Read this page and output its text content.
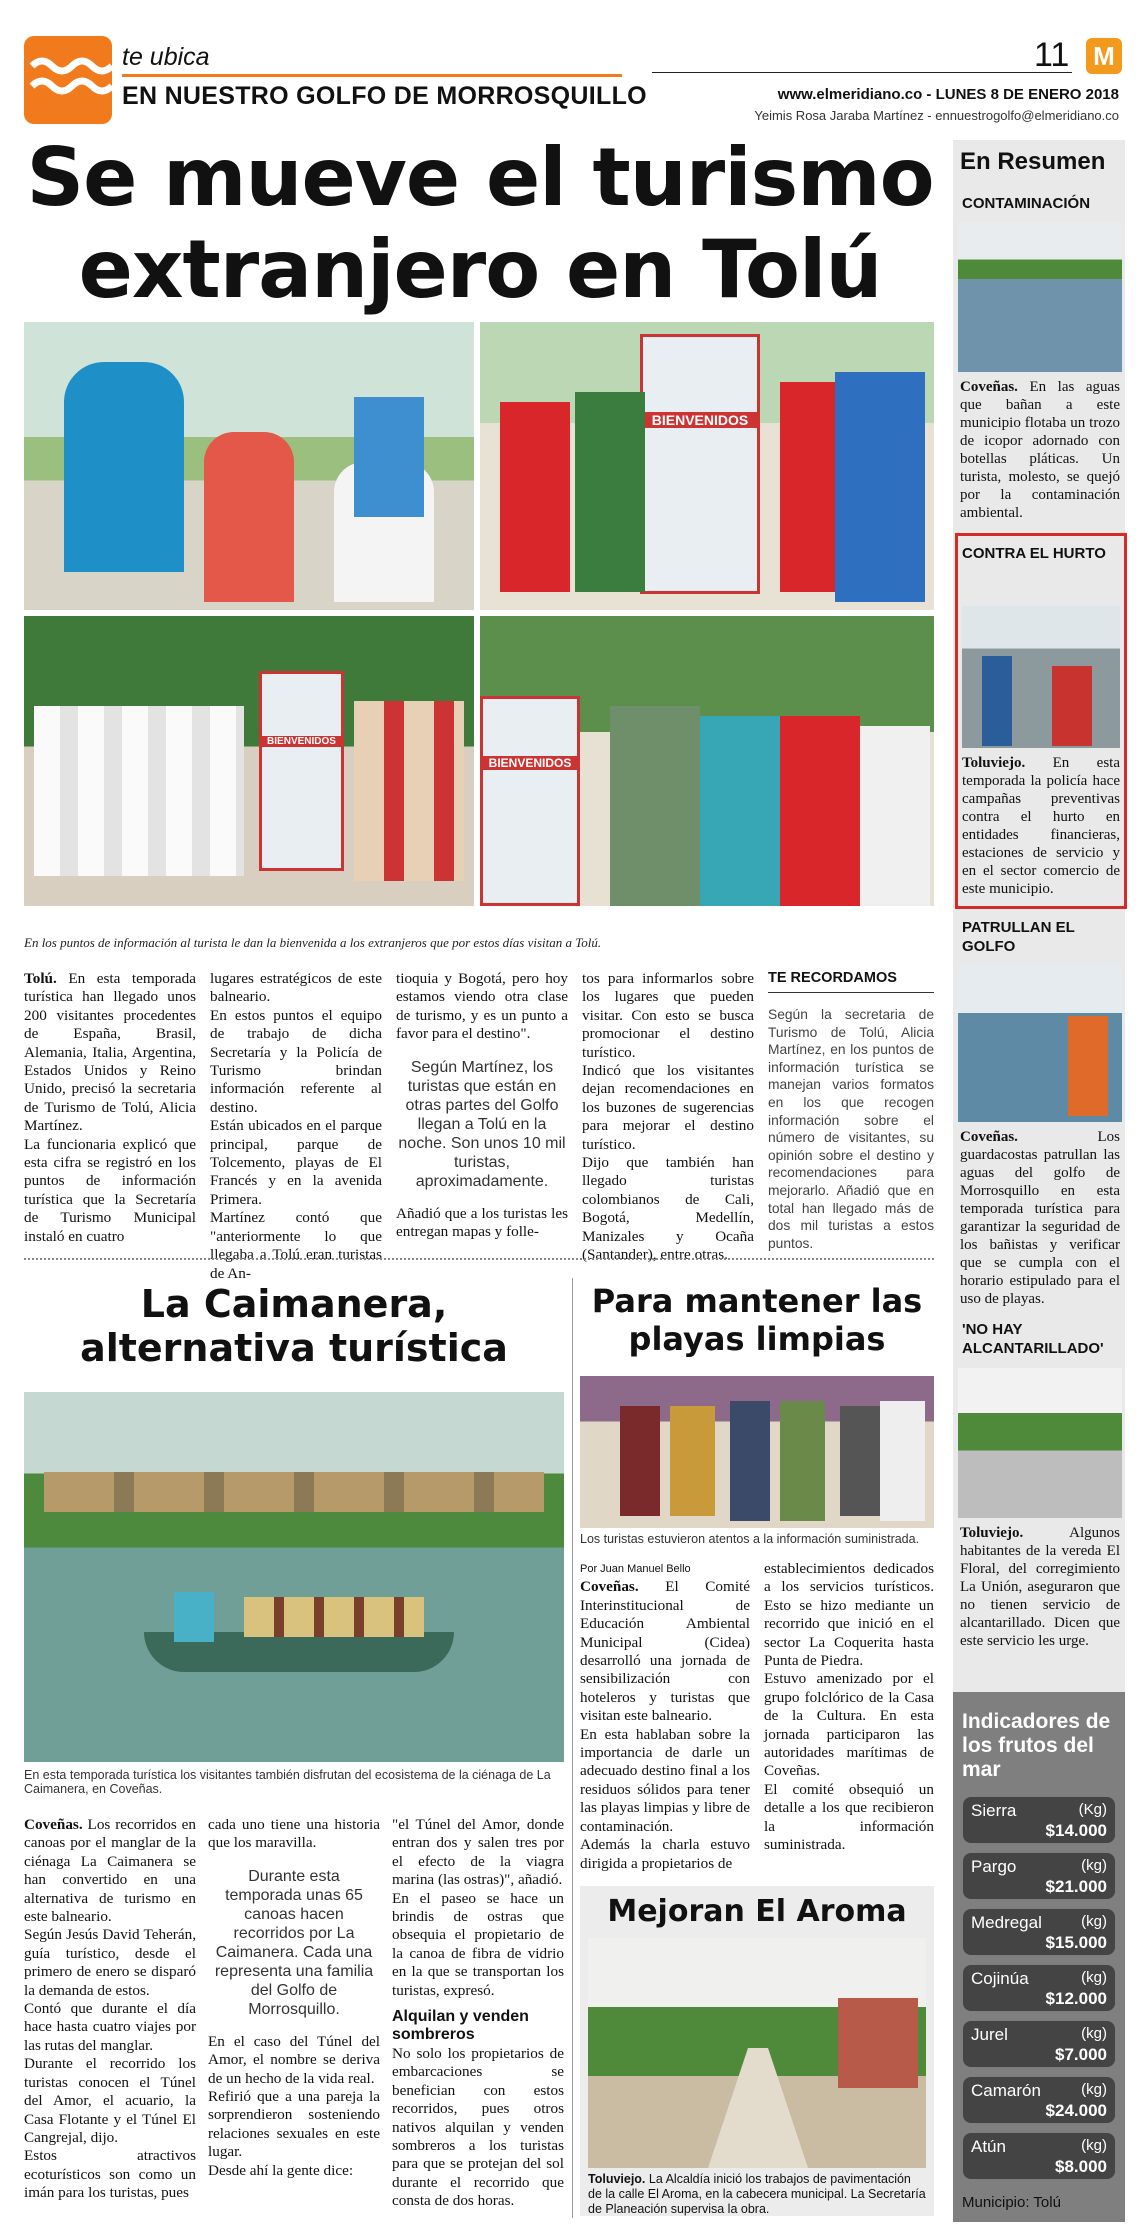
te ubica
EN NUESTRO GOLFO DE MORROSQUILLO
11 M
www.elmeridiano.co - LUNES 8 DE ENERO 2018
Yeimis Rosa Jaraba Martínez - ennuestrogolfo@elmeridiano.co
Se mueve el turismo
extranjero en Tolú
BIENVENIDOS
BIENVENIDOS
BIENVENIDOS
En los puntos de información al turista le dan la bienvenida a los extranjeros que por estos días visitan a Tolú.

Tolú. En esta temporada turística han llegado unos 200 visitantes procedentes de España, Brasil, Alemania, Italia, Argentina, Estados Unidos y Reino Unido, precisó la secretaria de Turismo de Tolú, Alicia Martínez.

La funcionaria explicó que esta cifra se registró en los puntos de información turística que la Secretaría de Turismo Municipal instaló en cuatro

lugares estratégicos de este balneario.

En estos puntos el equipo de trabajo de dicha Secretaría y la Policía de Turismo brindan información referente al destino.

Están ubicados en el parque principal, parque de Tolcemento, playas de El Francés y en la avenida Primera.

Martínez contó que "anteriormente lo que llegaba a Tolú eran turistas de An-

tioquia y Bogotá, pero hoy estamos viendo otra clase de turismo, y es un punto a favor para el destino".

Según Martínez, los turistas que están en otras partes del Golfo llegan a Tolú en la noche. Son unos 10 mil turistas, aproximadamente.

Añadió que a los turistas les entregan mapas y folle-

tos para informarlos sobre los lugares que pueden visitar. Con esto se busca promocionar el destino turístico.

Indicó que los visitantes dejan recomendaciones en los buzones de sugerencias para mejorar el destino turístico.

Dijo que también han llegado turistas colombianos de Cali, Bogotá, Medellín, Manizales y Ocaña (Santander), entre otras.

TE RECORDAMOS
Según la secretaria de Turismo de Tolú, Alicia Martínez, en los puntos de información turística se manejan varios formatos en los que recogen información sobre el número de visitantes, su opinión sobre el destino y recomendaciones para mejorarlo. Añadió que en total han llegado más de dos mil turistas a estos puntos.
La Caimanera, alternativa turística
En esta temporada turística los visitantes también disfrutan del ecosistema de la ciénaga de La Caimanera, en Coveñas.

Coveñas. Los recorridos en canoas por el manglar de la ciénaga La Caimanera se han convertido en una alternativa de turismo en este balneario.

Según Jesús David Teherán, guía turístico, desde el primero de enero se disparó la demanda de estos.

Contó que durante el día hace hasta cuatro viajes por las rutas del manglar.

Durante el recorrido los turistas conocen el Túnel del Amor, el acuario, la Casa Flotante y el Túnel El Cangrejal, dijo.

Estos atractivos ecoturísticos son como un imán para los turistas, pues

cada uno tiene una historia que los maravilla.

Durante esta temporada unas 65 canoas hacen recorridos por La Caimanera. Cada una representa una familia del Golfo de Morrosquillo.

En el caso del Túnel del Amor, el nombre se deriva de un hecho de la vida real.

Refirió que a una pareja la sorprendieron sosteniendo relaciones sexuales en este lugar.

Desde ahí la gente dice:

"el Túnel del Amor, donde entran dos y salen tres por el efecto de la viagra marina (las ostras)", añadió.

En el paseo se hace un brindis de ostras que obsequia el propietario de la canoa de fibra de vidrio en la que se transportan los turistas, expresó.

Alquilan y venden sombreros

No solo los propietarios de embarcaciones se benefician con estos recorridos, pues otros nativos alquilan y venden sombreros a los turistas para que se protejan del sol durante el recorrido que consta de dos horas.

Para mantener las playas limpias
Los turistas estuvieron atentos a la información suministrada.

Por Juan Manuel Bello

Coveñas. El Comité Interinstitucional de Educación Ambiental Municipal (Cidea) desarrolló una jornada de sensibilización con hoteleros y turistas que visitan este balneario.

En esta hablaban sobre la importancia de darle un adecuado destino final a los residuos sólidos para tener las playas limpias y libre de contaminación.

Además la charla estuvo dirigida a propietarios de

establecimientos dedicados a los servicios turísticos. Esto se hizo mediante un recorrido que inició en el sector La Coquerita hasta Punta de Piedra.

Estuvo amenizado por el grupo folclórico de la Casa de la Cultura. En esta jornada participaron las autoridades marítimas de Coveñas.

El comité obsequió un detalle a los que recibieron la información suministrada.

Mejoran El Aroma
Toluviejo. La Alcaldía inició los trabajos de pavimentación de la calle El Aroma, en la cabecera municipal. La Secretaría de Planeación supervisa la obra.
En Resumen
CONTAMINACIÓN
Coveñas. En las aguas que bañan a este municipio flotaba un trozo de icopor adornado con botellas pláticas. Un turista, molesto, se quejó por la contaminación ambiental.
CONTRA EL HURTO
Toluviejo. En esta temporada la policía hace campañas preventivas contra el hurto en entidades financieras, estaciones de servicio y en el sector comercio de este municipio.
PATRULLAN EL GOLFO
Coveñas.	Los guardacostas patrullan las aguas del golfo de Morrosquillo en esta temporada turística para garantizar la seguridad de los bañistas y verificar que se cumpla con el horario estipulado para el uso de playas.
'NO HAY ALCANTARILLADO'
Toluviejo.	Algunos habitantes de la vereda El Floral, del corregimiento La Unión, aseguraron que no tienen servicio de alcantarillado. Dicen que este servicio les urge.
Indicadores de los frutos del mar
Sierra	(Kg)
$14.000
Pargo	(kg)
$21.000
Medregal	(kg)
$15.000
Cojinúa	(kg)
$12.000
Jurel	(kg)
$7.000
Camarón	(kg)
$24.000
Atún	(kg)
$8.000
Municipio: Tolú
